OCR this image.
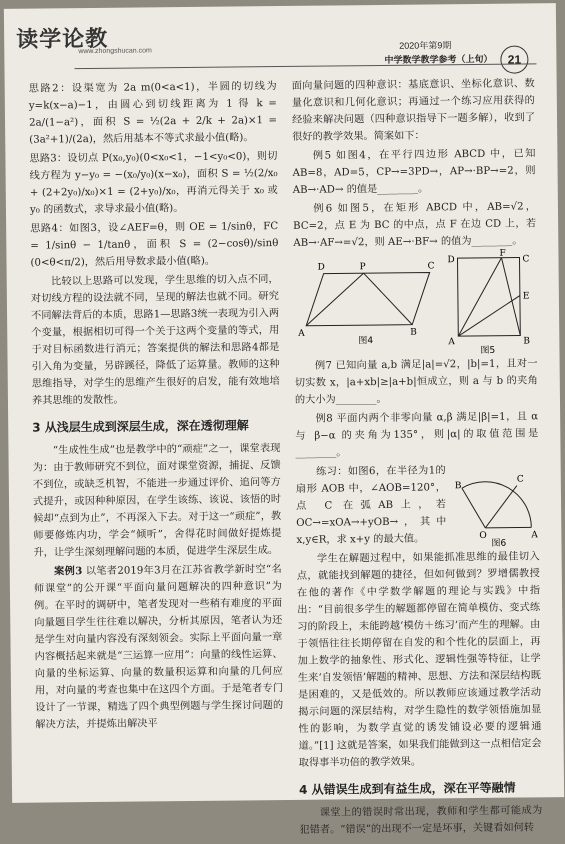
读学论教
www.zhongshucan.com
2020年第9期
中学数学教学参考（上旬）	21

思路2：设渠宽为 2a m(0<a<1)，半圆的切线为 y=k(x−a)−1，由圆心到切线距离为 1 得 k = 2a/(1−a²)，面积 S = ½(2a + 2/k + 2a)×1 = (3a²+1)/(2a)，然后用基本不等式求最小值(略)。

思路3：设切点 P(x₀,y₀)(0<x₀<1，−1<y₀<0)，则切线方程为 y−y₀ = −(x₀/y₀)(x−x₀)，面积 S = ½(2/x₀ + (2+2y₀)/x₀)×1 = (2+y₀)/x₀，再消元得关于 x₀ 或 y₀ 的函数式，求导求最小值(略)。

思路4：如图3，设∠AEF=θ，则 OE = 1/sinθ，FC = 1/sinθ − 1/tanθ，面积 S = (2−cosθ)/sinθ (0<θ<π/2)，然后用导数求最小值(略)。

比较以上思路可以发现，学生思维的切入点不同，对切线方程的设法就不同，呈现的解法也就不同。研究不同解法背后的本质，思路1—思路3统一表现为引入两个变量，根据相切可得一个关于这两个变量的等式，用于对目标函数进行消元；答案提供的解法和思路4都是引入角为变量，另辟蹊径，降低了运算量。教师的这种思维指导，对学生的思维产生很好的启发，能有效地培养其思维的发散性。

3 从浅层生成到深层生成，深在透彻理解

“生成性生成”也是教学中的“顽症”之一，课堂表现为：由于教师研究不到位，面对课堂资源，捕捉、反馈不到位，或缺乏机智，不能进一步通过评价、追问等方式提升，或因种种原因，在学生该练、该说、该悟的时候却“点到为止”，不再深入下去。对于这一“顽症”，教师要修炼内功，学会“倾听”，舍得花时间做好提炼提升，让学生深刻理解问题的本质，促进学生深层生成。

案例3 以笔者2019年3月在江苏省教学新时空“名师课堂”的公开课“平面向量问题解决的四种意识”为例。在平时的调研中，笔者发现对一些稍有难度的平面向量题目学生往往难以解决，分析其原因，笔者认为还是学生对向量内容没有深刻领会。实际上平面向量一章内容概括起来就是“三运算一应用”：向量的线性运算、向量的坐标运算、向量的数量积运算和向量的几何应用，对向量的考查也集中在这四个方面。于是笔者专门设计了一节课，精选了四个典型例题与学生探讨问题的解决方法，并提炼出解决平

面向量问题的四种意识：基底意识、坐标化意识、数量化意识和几何化意识；再通过一个练习应用获得的经验来解决问题（四种意识指导下一题多解），收到了很好的教学效果。简案如下：

例5 如图4，在平行四边形 ABCD 中，已知 AB=8，AD=5，CP→=3PD→，AP→·BP→=2，则 AB→·AD→ 的值是________。

例6 如图5，在矩形 ABCD 中，AB=√2，BC=2，点 E 为 BC 的中点，点 F 在边 CD 上，若 AB→·AF→=√2，则 AE→·BF→ 的值为________。

D	P	C
A	B
图4
D
F
C
E
A	B
图5

例7 已知向量 a,b 满足|a|=√2，|b|=1，且对一切实数 x，|a+xb|≥|a+b|恒成立，则 a 与 b 的夹角的大小为________。

例8 平面内两个非零向量 α,β 满足|β|=1，且 α 与 β−α 的夹角为135°，则|α|的取值范围是________。

练习：如图6，在半径为1的扇形 AOB 中，∠AOB=120°，点 C 在弧AB上，若 OC→=xOA→+yOB→，其中 x,y∈R，求 x+y 的最大值。	O	A
B
C
图6

学生在解题过程中，如果能抓准思维的最佳切入点，就能找到解题的捷径，但如何做到？罗增儒教授在他的著作《中学数学解题的理论与实践》中指出：“目前很多学生的解题都停留在简单模仿、变式练习的阶段上，未能跨越‘模仿＋练习’而产生的理解。由于领悟往往长期停留在自发的和个性化的层面上，再加上数学的抽象性、形式化、逻辑性强等特征，让学生来‘自发领悟’解题的精神、思想、方法和深层结构既是困难的，又是低效的。所以教师应该通过教学活动揭示问题的深层结构，对学生隐性的数学领悟施加显性的影响，为数学直觉的诱发铺设必要的逻辑通道。”[1] 这就是答案，如果我们能做到这一点相信定会取得事半功倍的教学效果。

4 从错误生成到有益生成，深在平等融情

课堂上的错误时常出现，教师和学生都可能成为犯错者。“错误”的出现不一定是坏事，关键看如何转
